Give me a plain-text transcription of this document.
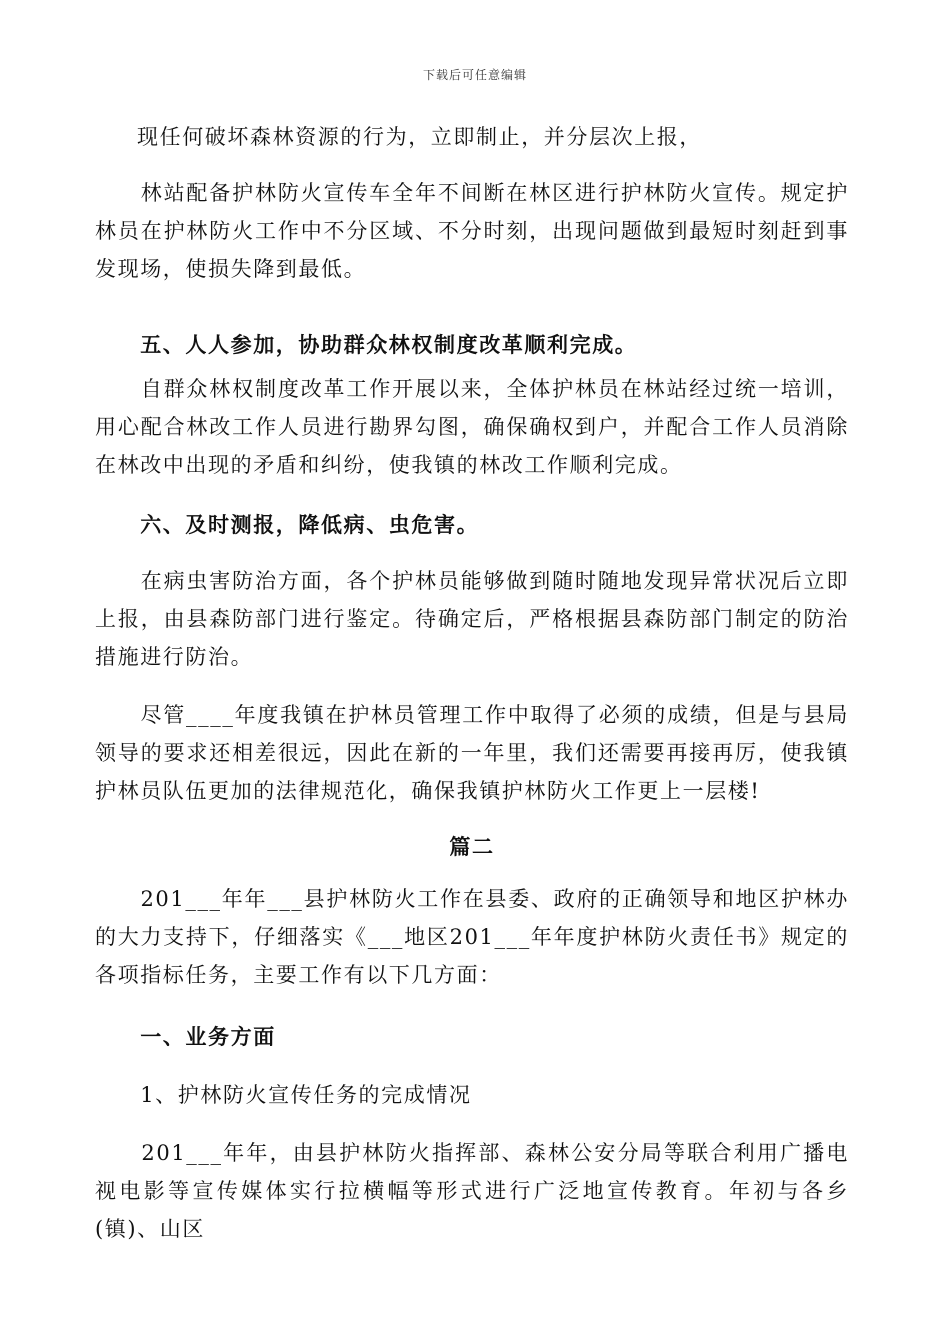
下载后可任意编辑

现任何破坏森林资源的行为，立即制止，并分层次上报，

　　林站配备护林防火宣传车全年不间断在林区进行护林防火宣传。规定护林员在护林防火工作中不分区域、不分时刻，出现问题做到最短时刻赶到事发现场，使损失降到最低。

　　五、人人参加，协助群众林权制度改革顺利完成。

　　自群众林权制度改革工作开展以来，全体护林员在林站经过统一培训，用心配合林改工作人员进行勘界勾图，确保确权到户，并配合工作人员消除在林改中出现的矛盾和纠纷，使我镇的林改工作顺利完成。

　　六、及时测报，降低病、虫危害。

　　在病虫害防治方面，各个护林员能够做到随时随地发现异常状况后立即上报，由县森防部门进行鉴定。待确定后，严格根据县森防部门制定的防治措施进行防治。

　　尽管____年度我镇在护林员管理工作中取得了必须的成绩，但是与县局领导的要求还相差很远，因此在新的一年里，我们还需要再接再厉，使我镇护林员队伍更加的法律规范化，确保我镇护林防火工作更上一层楼!

篇二

　　201___年年___县护林防火工作在县委、政府的正确领导和地区护林办的大力支持下，仔细落实《___地区201___年年度护林防火责任书》规定的各项指标任务，主要工作有以下几方面：

　　一、业务方面

　　1、护林防火宣传任务的完成情况

　　201___年年，由县护林防火指挥部、森林公安分局等联合利用广播电视电影等宣传媒体实行拉横幅等形式进行广泛地宣传教育。年初与各乡(镇)、山区
